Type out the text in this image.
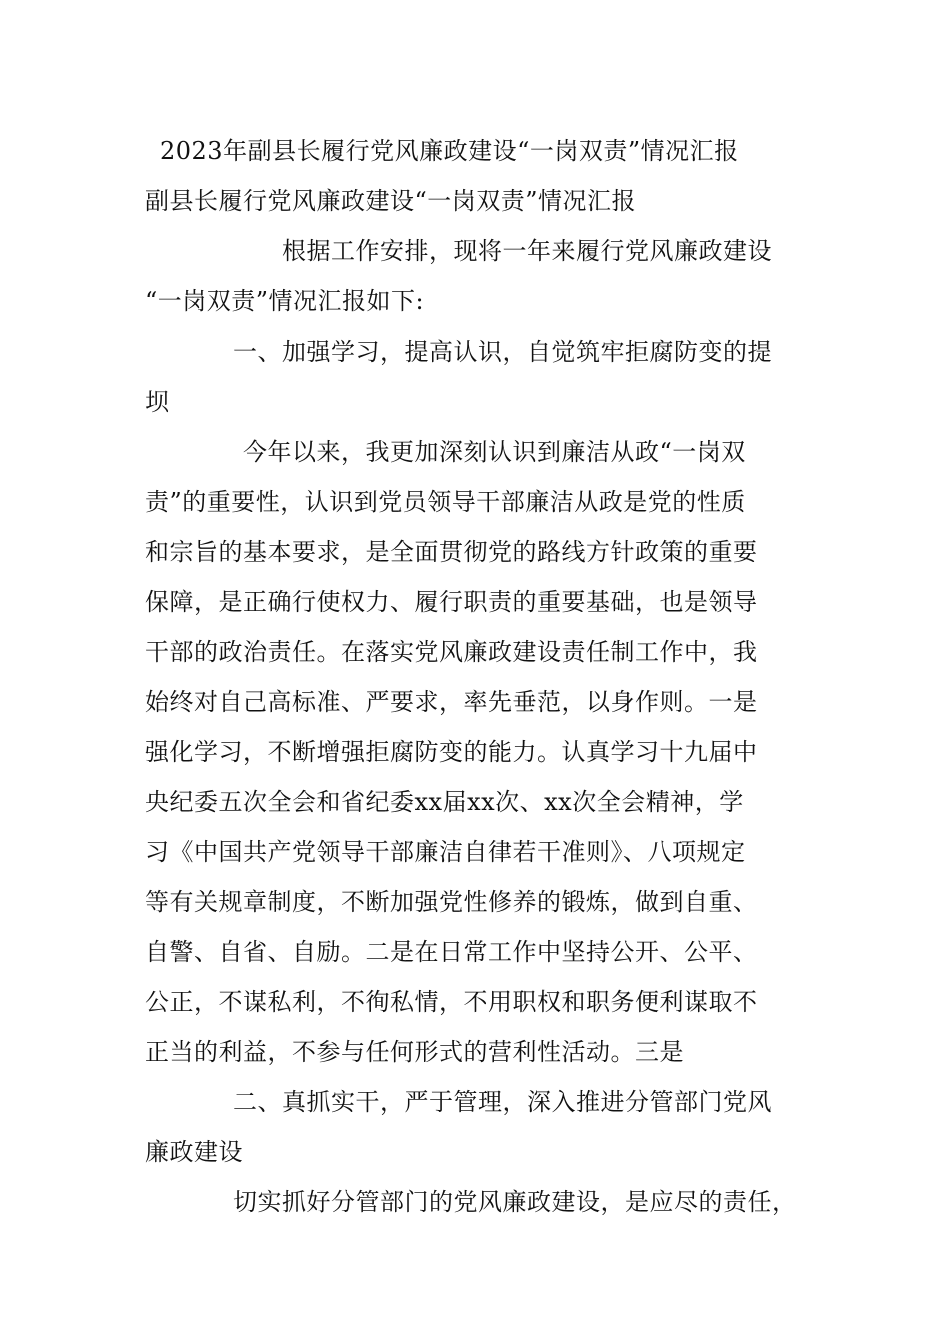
2023年副县长履行党风廉政建设“一岗双责”情况汇报
副县长履行党风廉政建设“一岗双责”情况汇报
根据工作安排，现将一年来履行党风廉政建设
“一岗双责”情况汇报如下:
一、加强学习，提高认识，自觉筑牢拒腐防变的提
坝
今年以来，我更加深刻认识到廉洁从政“一岗双
责”的重要性，认识到党员领导干部廉洁从政是党的性质
和宗旨的基本要求，是全面贯彻党的路线方针政策的重要
保障，是正确行使权力、履行职责的重要基础，也是领导
干部的政治责任。在落实党风廉政建设责任制工作中，我
始终对自己高标准、严要求，率先垂范，以身作则。一是
强化学习，不断增强拒腐防变的能力。认真学习十九届中
央纪委五次全会和省纪委xx届xx次、xx次全会精神，学
习《中国共产党领导干部廉洁自律若干准则》、八项规定
等有关规章制度，不断加强党性修养的锻炼，做到自重、
自警、自省、自励。二是在日常工作中坚持公开、公平、
公正，不谋私利，不徇私情，不用职权和职务便利谋取不
正当的利益，不参与任何形式的营利性活动。三是
二、真抓实干，严于管理，深入推进分管部门党风
廉政建设
切实抓好分管部门的党风廉政建设，是应尽的责任，
